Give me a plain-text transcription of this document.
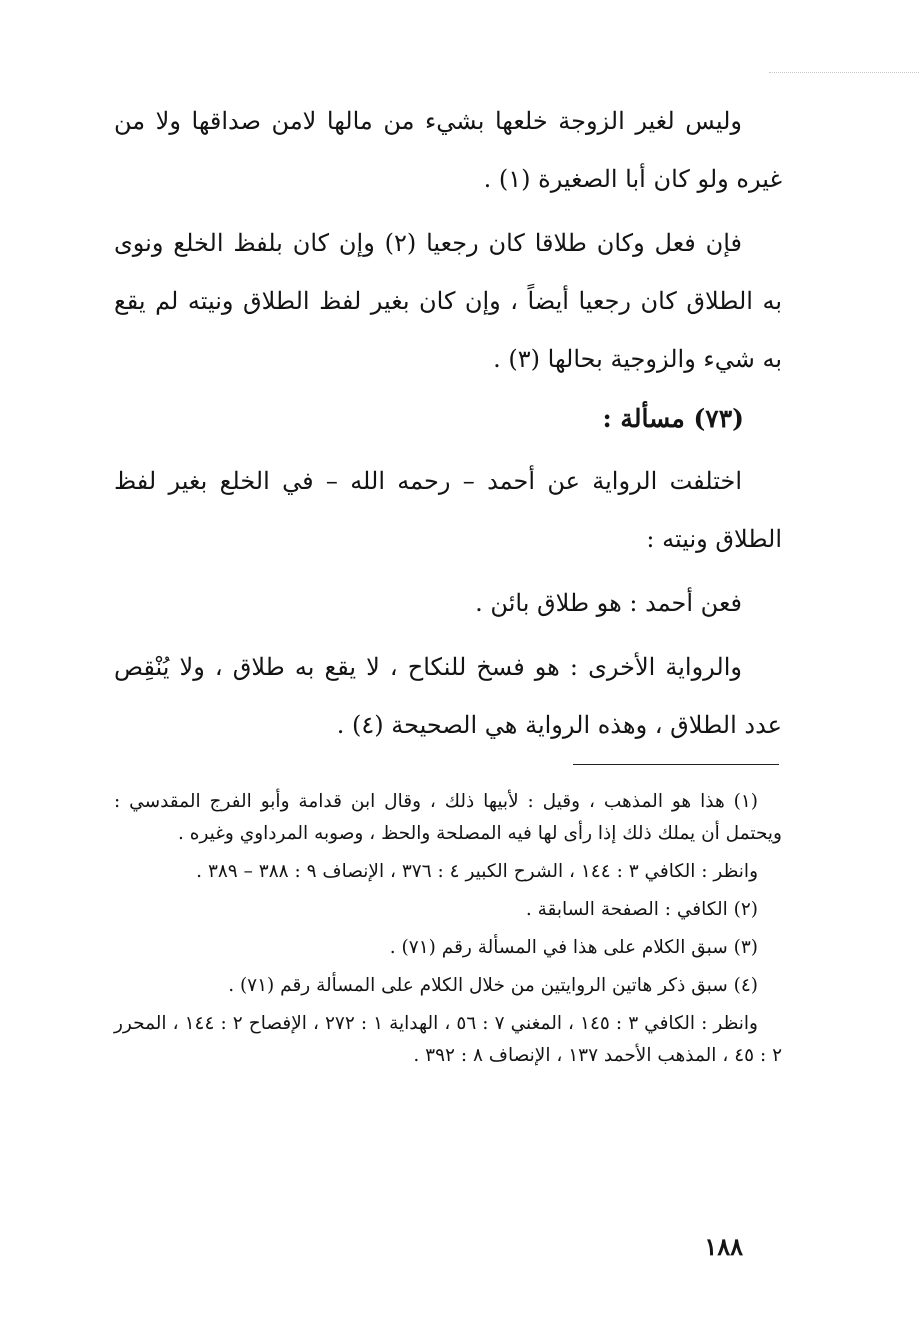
وليس لغير الزوجة خلعها بشيء من مالها لامن صداقها ولا من غيره ولو كان أبا الصغيرة (١) .

فإن فعل وكان طلاقا كان رجعيا (٢) وإن كان بلفظ الخلع ونوى به الطلاق كان رجعيا أيضاً ، وإن كان بغير لفظ الطلاق ونيته لم يقع به شيء والزوجية بحالها (٣) .

(٧٣) مسألة :

اختلفت الرواية عن أحمد – رحمه الله – في الخلع بغير لفظ الطلاق ونيته :

فعن أحمد : هو طلاق بائن .

والرواية الأخرى : هو فسخ للنكاح ، لا يقع به طلاق ، ولا يُنْقِص عدد الطلاق ، وهذه الرواية هي الصحيحة (٤) .

(١) هذا هو المذهب ، وقيل : لأبيها ذلك ، وقال ابن قدامة وأبو الفرج المقدسي : ويحتمل أن يملك ذلك إذا رأى لها فيه المصلحة والحظ ، وصوبه المرداوي وغيره .

وانظر : الكافي ٣ : ١٤٤ ، الشرح الكبير ٤ : ٣٧٦ ، الإنصاف ٩ : ٣٨٨ – ٣٨٩ .

(٢) الكافي : الصفحة السابقة .

(٣) سبق الكلام على هذا في المسألة رقم (٧١) .

(٤) سبق ذكر هاتين الروايتين من خلال الكلام على المسألة رقم (٧١) .

وانظر : الكافي ٣ : ١٤٥ ، المغني ٧ : ٥٦ ، الهداية ١ : ٢٧٢ ، الإفصاح ٢ : ١٤٤ ، المحرر ٢ : ٤٥ ، المذهب الأحمد ١٣٧ ، الإنصاف ٨ : ٣٩٢ .

١٨٨
